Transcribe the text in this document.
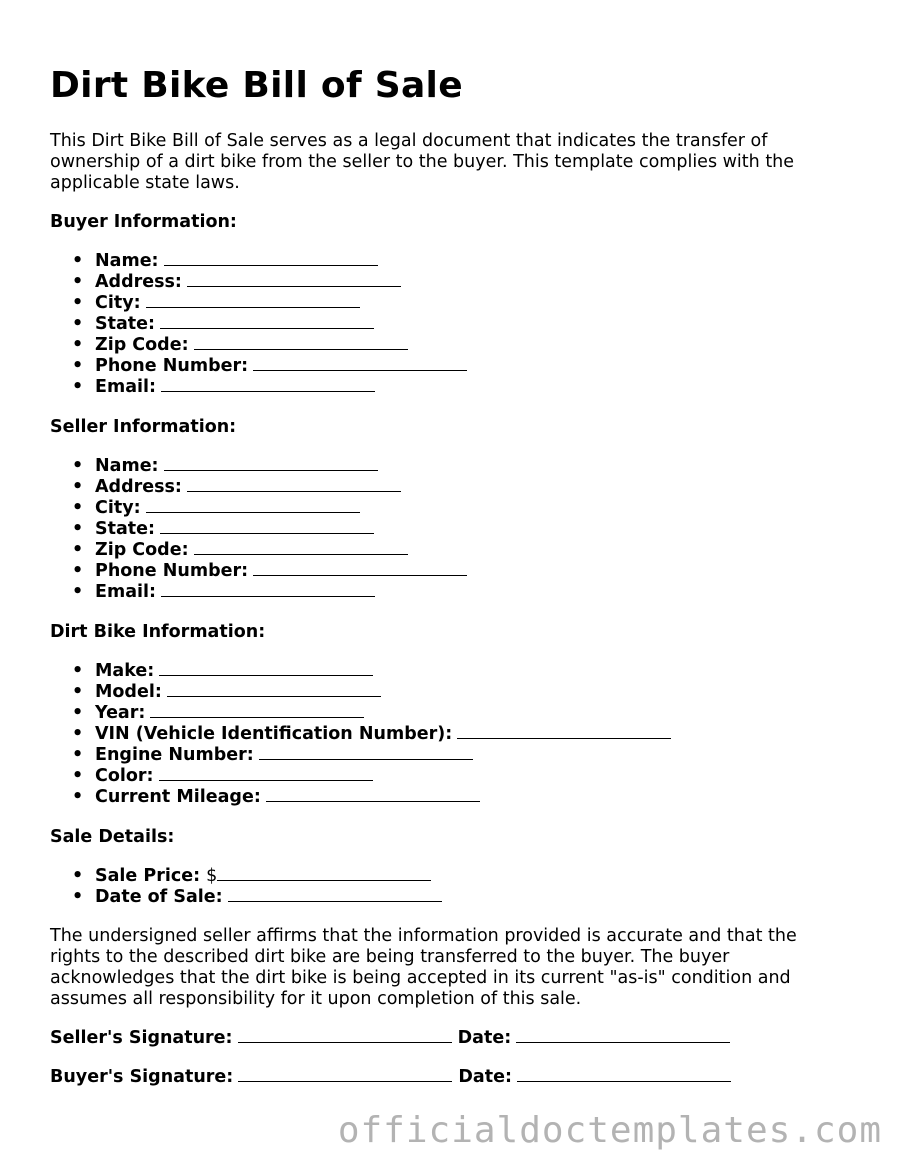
Dirt Bike Bill of Sale

This Dirt Bike Bill of Sale serves as a legal document that indicates the transfer of ownership of a dirt bike from the seller to the buyer. This template complies with the applicable state laws.

Buyer Information:

• Name:
• Address:
• City:
• State:
• Zip Code:
• Phone Number:
• Email:

Seller Information:

• Name:
• Address:
• City:
• State:
• Zip Code:
• Phone Number:
• Email:

Dirt Bike Information:

• Make:
• Model:
• Year:
• VIN (Vehicle Identification Number):
• Engine Number:
• Color:
• Current Mileage:

Sale Details:

• Sale Price: $
• Date of Sale:

The undersigned seller affirms that the information provided is accurate and that the rights to the described dirt bike are being transferred to the buyer. The buyer acknowledges that the dirt bike is being accepted in its current "as-is" condition and assumes all responsibility for it upon completion of this sale.

Seller's Signature:	Date:

Buyer's Signature:	Date:

officialdoctemplates.com
